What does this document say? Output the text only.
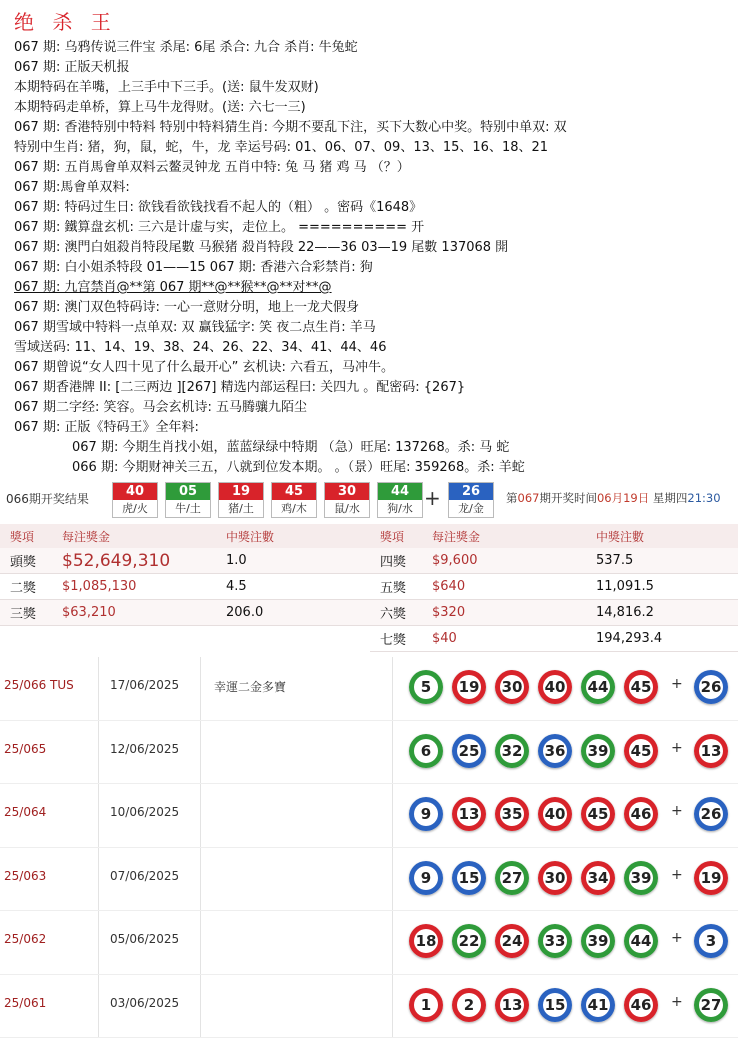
绝 杀 王
067 期: 乌鸦传说三件宝 杀尾: 6尾 杀合: 九合 杀肖: 牛兔蛇
067 期: 正版天机报
本期特码在羊嘴，上三手中下三手。(送: 鼠牛发双财)
本期特码走单桥，算上马牛龙得财。(送: 六七一三)
067 期: 香港特别中特料 特别中特料猜生肖: 今期不要乱下注，买下大数心中奖。特别中单双: 双
特别中生肖: 猪，狗，鼠，蛇，牛，龙 幸运号码: 01、06、07、09、13、15、16、18、21
067 期: 五肖馬會单双料云鳌灵钟龙 五肖中特: 兔 马 猪 鸡 马 （？）
067 期:馬會单双料:
067 期: 特码过生日: 欲钱看欲钱找看不起人的（粗） 。密码《1648》
067 期: 鐵算盘玄机: 三六是计虚与实，走位上。 ========== 开
067 期: 澳門白姐殺肖特段尾數 马猴猪 殺肖特段 22——36 03—19 尾數 137068 開
067 期: 白小姐杀特段 01——15 067 期: 香港六合彩禁肖: 狗
067 期: 九宫禁肖@**第 067 期**@**猴**@**对**@
067 期: 澳门双色特码诗: 一心一意财分明，地上一龙犬假身
067 期雪域中特料一点单双: 双 赢钱猛字: 笑 夜二点生肖: 羊马
雪域送码: 11、14、19、38、24、26、22、34、41、44、46
067 期曾说“女人四十见了什么最开心” 玄机诀: 六看五，马冲牛。
067 期香港牌 II: [二三两边 ][267] 精选内部运程曰: 关四九 。配密码: {267}
067 期二字经: 笑容。马会玄机诗: 五马腾骧九陌尘
067 期: 正版《特码王》全年料:
067 期: 今期生肖找小姐，蓝蓝绿绿中特期 （急）旺尾: 137268。杀: 马 蛇
066 期: 今期财神关三五，八就到位发本期。 。（景）旺尾: 359268。杀: 羊蛇
066期开奖结果	40
虎/火
05
牛/土
19
猪/土
45
鸡/木
30
鼠/水
44
狗/水
26
龙/金
+	第067期开奖时间06月19日 星期四21:30
獎項	每注獎金	中獎注數
頭獎	$52,649,310	1.0
二獎	$1,085,130	4.5
三獎	$63,210	206.0
獎項	每注獎金	中獎注數
四獎	$9,600	537.5
五獎	$640	11,091.5
六獎	$320	14,816.2
七獎	$40	194,293.4
25/066 TUS	17/06/2025	幸運二金多寶	5	19	30	40	44	45	+	26
25/065	12/06/2025	6	25	32	36	39	45	+	13
25/064	10/06/2025	9	13	35	40	45	46	+	26
25/063	07/06/2025	9	15	27	30	34	39	+	19
25/062	05/06/2025	18	22	24	33	39	44	+	3
25/061	03/06/2025	1	2	13	15	41	46	+	27
